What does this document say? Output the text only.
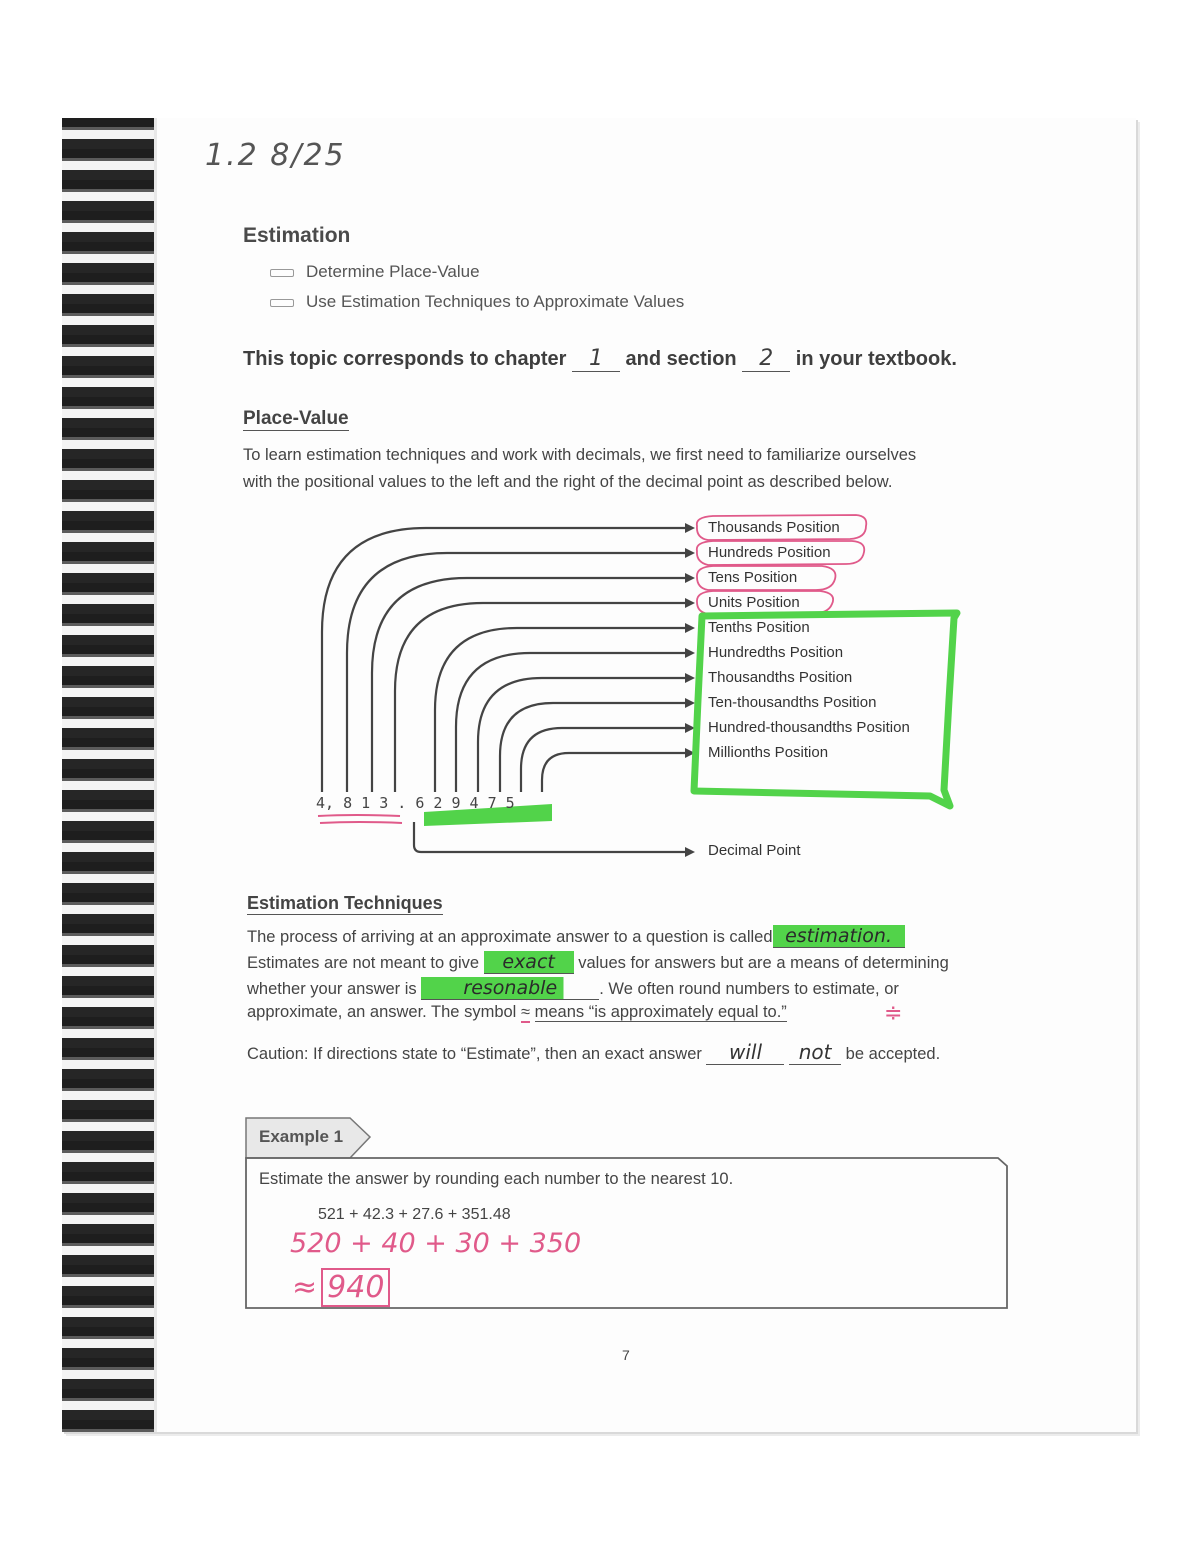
1.2 8/25
Estimation
Determine Place-Value
Use Estimation Techniques to Approximate Values
This topic corresponds to chapter 1 and section 2 in your textbook.
Place-Value
To learn estimation techniques and work with decimals, we first need to familiarize ourselves
with the positional values to the left and the right of the decimal point as described below.
4, 8 1 3 . 6 2 9 4 7 5
Thousands Position
Hundreds Position
Tens Position
Units Position
Tenths Position
Hundredths Position
Thousandths Position
Ten-thousandths Position
Hundred-thousandths Position
Millionths Position
Decimal Point
Estimation Techniques
The process of arriving at an approximate answer to a question is called estimation.
Estimates are not meant to give exact values for answers but are a means of determining
whether your answer is resonable	. We often round numbers to estimate, or
approximate, an answer. The symbol ≈ means “is approximately equal to.”	≑
Caution: If directions state to “Estimate”, then an exact answer will not be accepted.
Example 1
Estimate the answer by rounding each number to the nearest 10.
521 + 42.3 + 27.6 + 351.48
520 + 40 + 30 + 350
≈ 940
7
